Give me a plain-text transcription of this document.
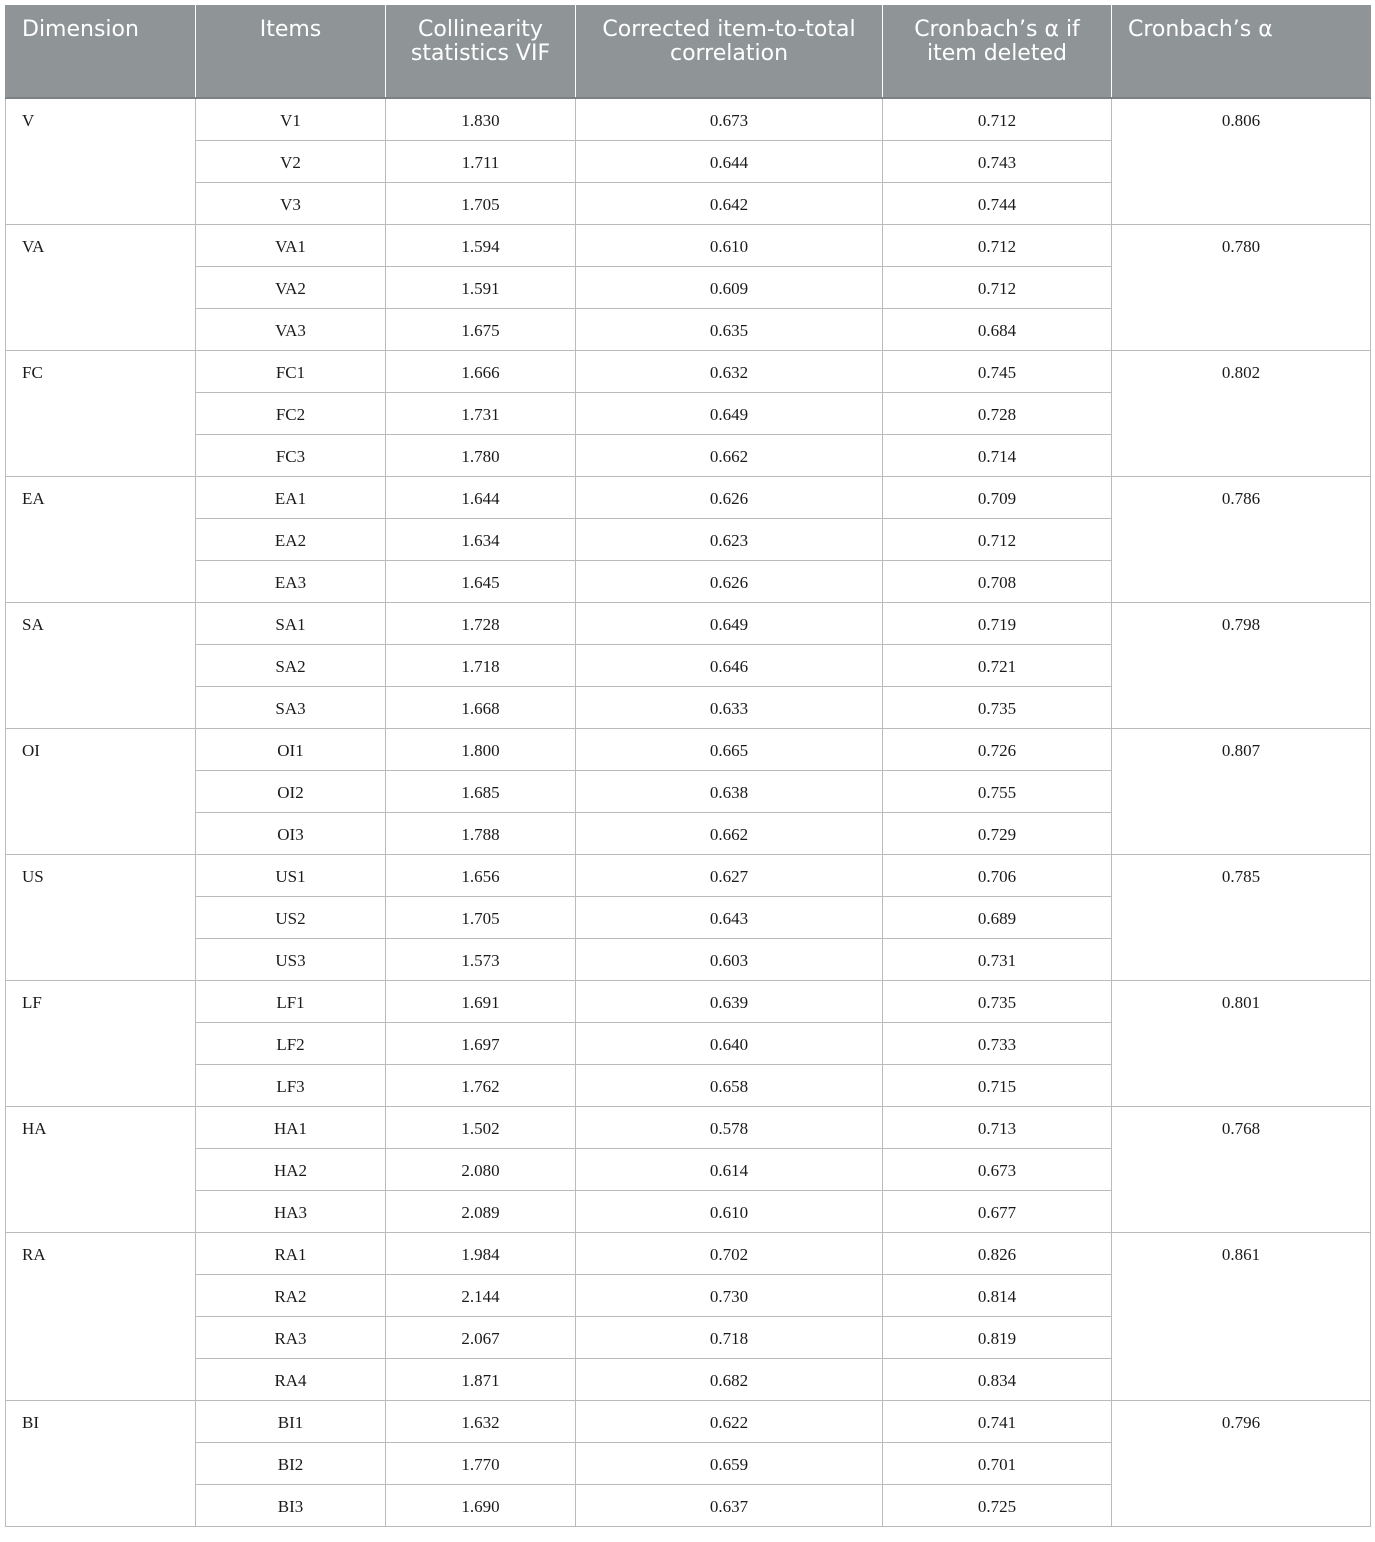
Dimension	Items	Collinearity statistics VIF	Corrected item-to-total correlation	Cronbach’s α if item deleted	Cronbach’s α
V	V1	1.830	0.673	0.712	0.806
	V2	1.711	0.644	0.743	
	V3	1.705	0.642	0.744	
VA	VA1	1.594	0.610	0.712	0.780
	VA2	1.591	0.609	0.712	
	VA3	1.675	0.635	0.684	
FC	FC1	1.666	0.632	0.745	0.802
	FC2	1.731	0.649	0.728	
	FC3	1.780	0.662	0.714	
EA	EA1	1.644	0.626	0.709	0.786
	EA2	1.634	0.623	0.712	
	EA3	1.645	0.626	0.708	
SA	SA1	1.728	0.649	0.719	0.798
	SA2	1.718	0.646	0.721	
	SA3	1.668	0.633	0.735	
OI	OI1	1.800	0.665	0.726	0.807
	OI2	1.685	0.638	0.755	
	OI3	1.788	0.662	0.729	
US	US1	1.656	0.627	0.706	0.785
	US2	1.705	0.643	0.689	
	US3	1.573	0.603	0.731	
LF	LF1	1.691	0.639	0.735	0.801
	LF2	1.697	0.640	0.733	
	LF3	1.762	0.658	0.715	
HA	HA1	1.502	0.578	0.713	0.768
	HA2	2.080	0.614	0.673	
	HA3	2.089	0.610	0.677	
RA	RA1	1.984	0.702	0.826	0.861
	RA2	2.144	0.730	0.814	
	RA3	2.067	0.718	0.819	
	RA4	1.871	0.682	0.834	
BI	BI1	1.632	0.622	0.741	0.796
	BI2	1.770	0.659	0.701	
	BI3	1.690	0.637	0.725	
